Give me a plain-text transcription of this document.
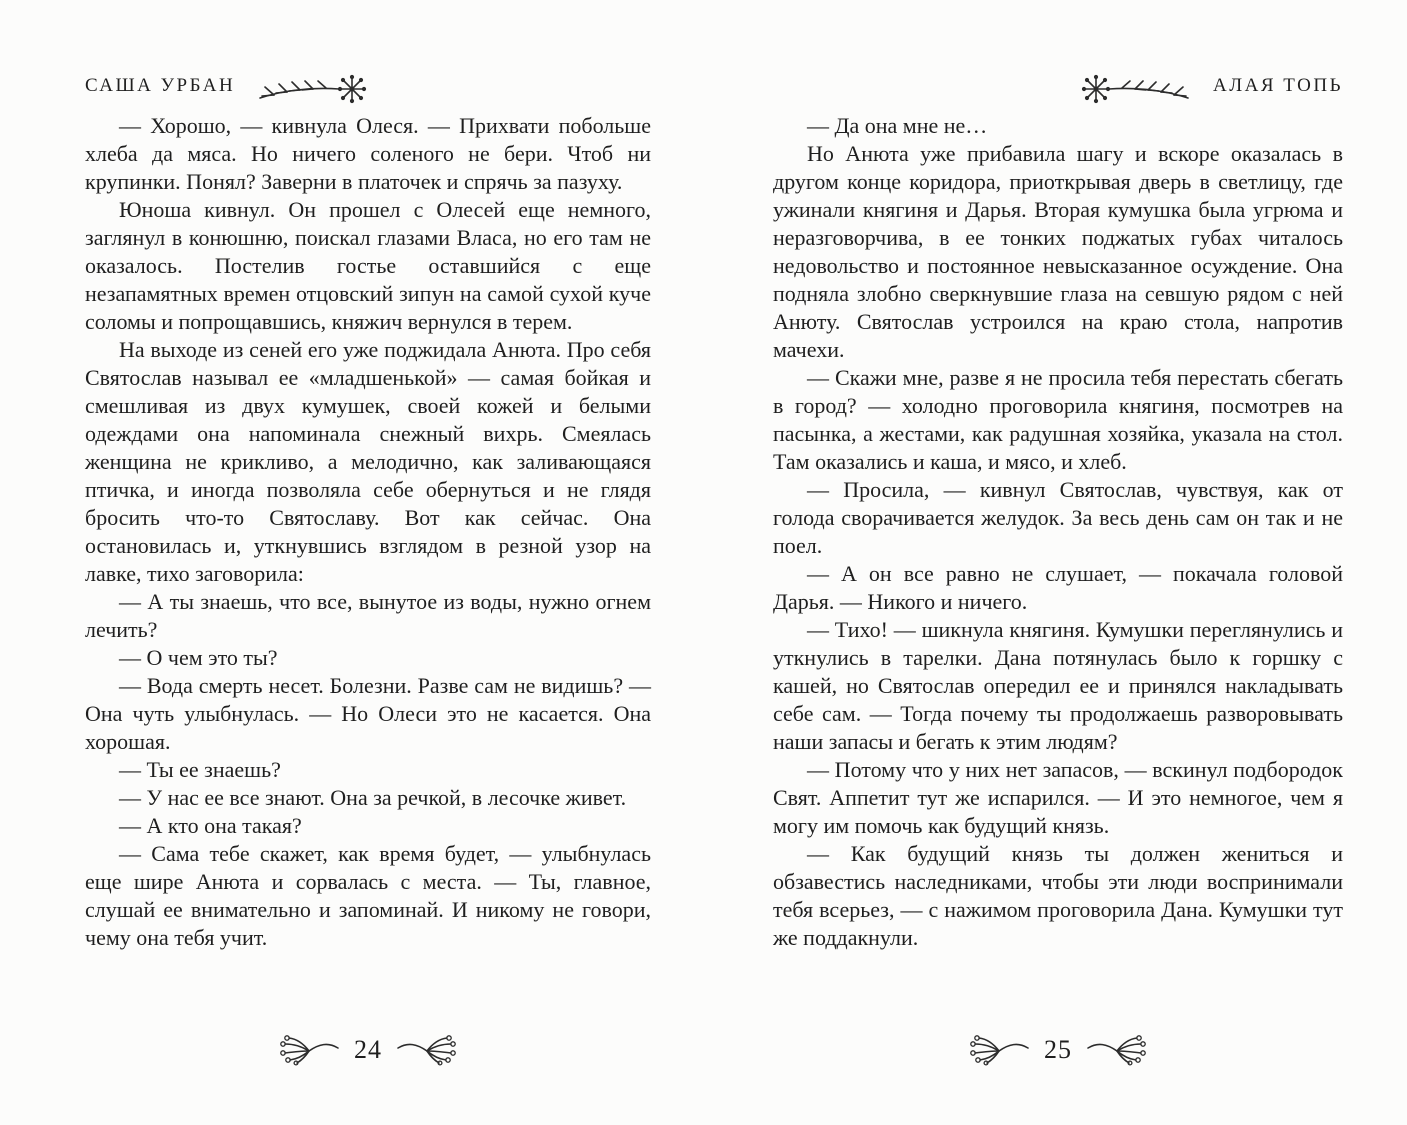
САША УРБАН

— Хорошо, — кивнула Олеся. — Прихвати побольше хлеба да мяса. Но ничего соленого не бери. Чтоб ни крупинки. Понял? Заверни в платочек и спрячь за пазуху.

Юноша кивнул. Он прошел с Олесей еще немного, заглянул в конюшню, поискал глазами Власа, но его там не оказалось. Постелив гостье оставшийся с еще незапамятных времен отцовский зипун на самой сухой куче соломы и попрощавшись, княжич вернулся в терем.

На выходе из сеней его уже поджидала Анюта. Про себя Святослав называл ее «младшенькой» — самая бойкая и смешливая из двух кумушек, своей кожей и белыми одеждами она напоминала снежный вихрь. Смеялась женщина не крикливо, а мелодично, как заливающаяся птичка, и иногда позволяла себе обернуться и не глядя бросить что-то Святославу. Вот как сейчас. Она остановилась и, уткнувшись взглядом в резной узор на лавке, тихо заговорила:

— А ты знаешь, что все, вынутое из воды, нужно огнем лечить?

— О чем это ты?

— Вода смерть несет. Болезни. Разве сам не видишь? — Она чуть улыбнулась. — Но Олеси это не касается. Она хорошая.

— Ты ее знаешь?

— У нас ее все знают. Она за речкой, в лесочке живет.

— А кто она такая?

— Сама тебе скажет, как время будет, — улыбнулась еще шире Анюта и сорвалась с места. — Ты, главное, слушай ее внимательно и запоминай. И никому не говори, чему она тебя учит.

24
АЛАЯ ТОПЬ

— Да она мне не…

Но Анюта уже прибавила шагу и вскоре оказалась в другом конце коридора, приоткрывая дверь в светлицу, где ужинали княгиня и Дарья. Вторая кумушка была угрюма и неразговорчива, в ее тонких поджатых губах читалось недовольство и постоянное невысказанное осуждение. Она подняла злобно сверкнувшие глаза на севшую рядом с ней Анюту. Святослав устроился на краю стола, напротив мачехи.

— Скажи мне, разве я не просила тебя перестать сбегать в город? — холодно проговорила княгиня, посмотрев на пасынка, а жестами, как радушная хозяйка, указала на стол. Там оказались и каша, и мясо, и хлеб.

— Просила, — кивнул Святослав, чувствуя, как от голода сворачивается желудок. За весь день сам он так и не поел.

— А он все равно не слушает, — покачала головой Дарья. — Никого и ничего.

— Тихо! — шикнула княгиня. Кумушки переглянулись и уткнулись в тарелки. Дана потянулась было к горшку с кашей, но Святослав опередил ее и принялся накладывать себе сам. — Тогда почему ты продолжаешь разворовывать наши запасы и бегать к этим людям?

— Потому что у них нет запасов, — вскинул подбородок Свят. Аппетит тут же испарился. — И это немногое, чем я могу им помочь как будущий князь.

— Как будущий князь ты должен жениться и обзавестись наследниками, чтобы эти люди воспринимали тебя всерьез, — с нажимом проговорила Дана. Кумушки тут же поддакнули.

25
